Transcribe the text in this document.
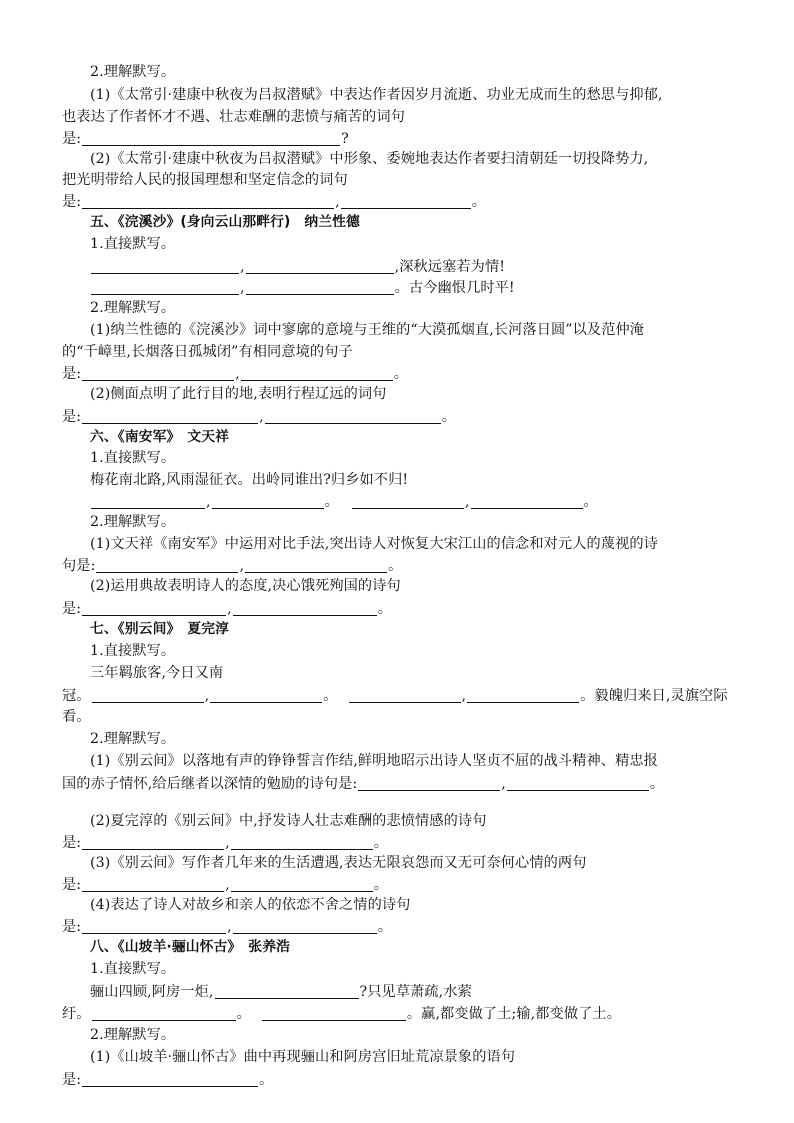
2.理解默写。
(1)《太常引·建康中秋夜为吕叔潜赋》中表达作者因岁月流逝、功业无成而生的愁思与抑郁,
也表达了作者怀才不遇、壮志难酬的悲愤与痛苦的词句
是:	?
(2)《太常引·建康中秋夜为吕叔潜赋》中形象、委婉地表达作者要扫清朝廷一切投降势力,
把光明带给人民的报国理想和坚定信念的词句
是:	,	。
五、《浣溪沙》(身向云山那畔行)　纳兰性德
1.直接默写。
,	,深秋远塞若为情!
,	。古今幽恨几时平!
2.理解默写。
(1)纳兰性德的《浣溪沙》词中寥廓的意境与王维的“大漠孤烟直,长河落日圆”以及范仲淹
的“千嶂里,长烟落日孤城闭”有相同意境的句子
是:	,	。
(2)侧面点明了此行目的地,表明行程辽远的词句
是:	,	。
六、《南安军》　文天祥
1.直接默写。
梅花南北路,风雨湿征衣。出岭同谁出?归乡如不归!
,	。	,	。
2.理解默写。
(1)文天祥《南安军》中运用对比手法,突出诗人对恢复大宋江山的信念和对元人的蔑视的诗
句是:	,	。
(2)运用典故表明诗人的态度,决心饿死殉国的诗句
是:	,	。
七、《别云间》　夏完淳
1.直接默写。
三年羁旅客,今日又南
冠。	,	。	,	。毅魄归来日,灵旗空际
看。
2.理解默写。
(1)《别云间》以落地有声的铮铮誓言作结,鲜明地昭示出诗人坚贞不屈的战斗精神、精忠报
国的赤子情怀,给后继者以深情的勉励的诗句是:	,	。
(2)夏完淳的《别云间》中,抒发诗人壮志难酬的悲愤情感的诗句
是:	,	。
(3)《别云间》写作者几年来的生活遭遇,表达无限哀怨而又无可奈何心情的两句
是:	,	。
(4)表达了诗人对故乡和亲人的依恋不舍之情的诗句
是:	,	。
八、《山坡羊·骊山怀古》　张养浩
1.直接默写。
骊山四顾,阿房一炬,	?只见草萧疏,水萦
纡。	。	。赢,都变做了土;输,都变做了土。
2.理解默写。
(1)《山坡羊·骊山怀古》曲中再现骊山和阿房宫旧址荒凉景象的语句
是:	。
